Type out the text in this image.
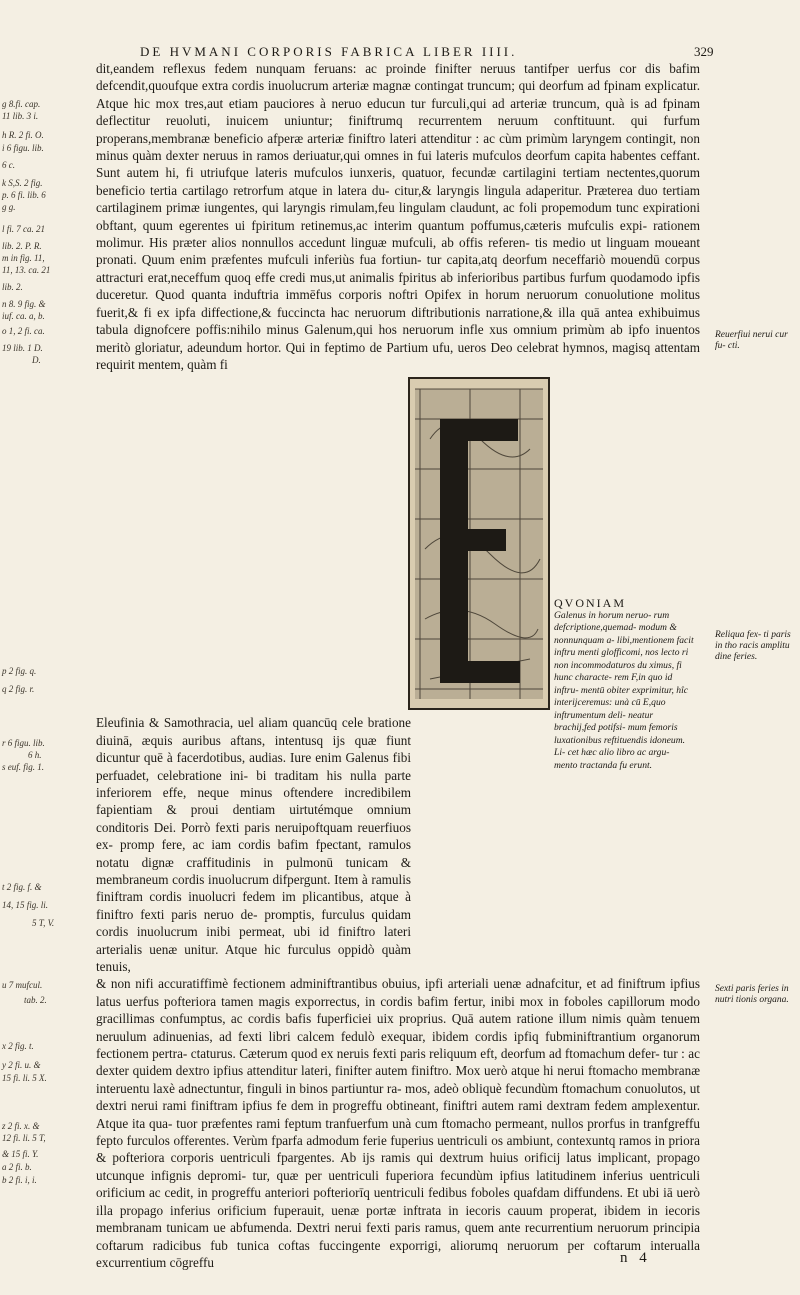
DE HVMANI CORPORIS FABRICA LIBER IIII.	329
g 8.fi. cap.
11 lib. 3 i.
h R. 2 fi. O.
i 6 figu. lib.
6 c.
k S,S. 2 fig.
p. 6 fi. lib. 6
g g.
l fi. 7 ca. 21
lib. 2. P. R.
m in fig. 11,
11, 13. ca. 21
lib. 2.
n 8. 9 fig. &
iuf. ca. a, b.
o 1, 2 fi. ca.
19 lib. 1 D.
D.
p 2 fig. q.
q 2 fig. r.
r 6 figu. lib.
6 h.
s euf. fig. 1.
t 2 fig. f. &
14, 15 fig. li.
5 T, V.
u 7 mufcul.
tab. 2.
x 2 fig. t.
y 2 fi. u. &
15 fi. li. 5 X.
z 2 fi. x. &
12 fi. li. 5 T,
& 15 fi. Y.
a 2 fi. b.
b 2 fi. i, i.
Reuerfiui nerui cur fu- cti.
Reliqua fex- ti paris in tho racis amplitu dine feries.
Sexti paris feries in nutri tionis organa.

dit,eandem reflexus fedem nunquam feruans: ac proinde finifter neruus tantifper uerfus cor dis bafim defcendit,quoufque extra cordis inuolucrum arteriæ magnæ contingat truncum; qui deorfum ad fpinam explicatur. Atque hic mox tres,aut etiam pauciores à neruo educun tur furculi,qui ad arteriæ truncum, quà is ad fpinam deflectitur reuoluti, inuicem uniuntur; finiftrumq recurrentem neruum conftituunt. qui furfum properans,membranæ beneficio afperæ arteriæ finiftro lateri attenditur : ac cùm primùm laryngem contingit, non minus quàm dexter neruus in ramos deriuatur,qui omnes in fui lateris mufculos deorfum capita habentes ceffant. Sunt autem hi, fi utriufque lateris mufculos iunxeris, quatuor, fecundæ cartilagini tertiam nectentes,quorum beneficio tertia cartilago retrorfum atque in latera du- citur,& laryngis lingula adaperitur. Præterea duo tertiam cartilaginem primæ iungentes, qui laryngis rimulam,feu lingulam claudunt, ac foli propemodum tunc expirationi obftant, quum egerentes ui fpiritum retinemus,ac interim quantum poffumus,cæteris mufculis expi- rationem molimur. His præter alios nonnullos accedunt linguæ mufculi, ab offis referen- tis medio ut linguam moueant pronati. Quum enim præfentes mufculi inferiùs fua fortiun- tur capita,atq deorfum neceffariò mouendū corpus attracturi erat,neceffum quoq effe credi mus,ut animalis fpiritus ab inferioribus partibus furfum quodamodo ipfis duceretur. Quod quanta induftria immēfus corporis noftri Opifex in horum neruorum conuolutione molitus fuerit,& fi ex ipfa diffectione,& fuccincta hac neruorum diftributionis narratione,& illa quā antea exhibuimus tabula dignofcere poffis:nihilo minus Galenum,qui hos neruorum infle xus omnium primùm ab ipfo inuentos meritò gloriatur, adeundum hortor. Qui in feptimo de Partium ufu, ueros Deo celebrat hymnos, magisq attentam requirit mentem, quàm fi

Eleufinia & Samothracia, uel aliam quancūq cele bratione diuinā, æquis auribus aftans, intentusq ijs quæ fiunt dicuntur quē à facerdotibus, audias. Iure enim Galenus fibi perfuadet, celebratione ini- bi traditam his nulla parte inferiorem effe, neque minus oftendere incredibilem fapientiam & proui dentiam uirtutémque omnium conditoris Dei. Porrò fexti paris neruipoftquam reuerfiuos ex- promp fere, ac iam cordis bafim fpectant, ramulos notatu dignæ craffitudinis in pulmonū tunicam & membraneum cordis inuolucrum difpergunt. Item à ramulis finiftram cordis inuolucri fedem im plicantibus, atque à finiftro fexti paris neruo de- promptis, furculus quidam cordis inuolucrum inibi permeat, ubi id finiftro lateri arterialis uenæ unitur. Atque hic furculus oppidò quàm tenuis,

& non nifi accuratiffimè fectionem adminiftrantibus obuius, ipfi arteriali uenæ adnafcitur, et ad finiftrum ipfius latus uerfus pofteriora tamen magis exporrectus, in cordis bafim fertur, inibi mox in foboles capillorum modo gracillimas confumptus, ac cordis bafis fuperficiei uix proprius. Quā autem ratione illum nimis quàm tenuem neruulum adinuenias, ad fexti libri calcem fedulò exequar, ibidem cordis ipfiq fubminiftrantium organorum fectionem pertra- ctaturus. Cæterum quod ex neruis fexti paris reliquum eft, deorfum ad ftomachum defer- tur : ac dexter quidem dextro ipfius attenditur lateri, finifter autem finiftro. Mox uerò atque hi nerui ftomacho membranæ interuentu laxè adnectuntur, finguli in binos partiuntur ra- mos, adeò obliquè fecundùm ftomachum conuolutos, ut dextri nerui rami finiftram ipfius fe dem in progreffu obtineant, finiftri autem rami dextram fedem amplexentur. Atque ita qua- tuor præfentes rami feptum tranfuerfum unà cum ftomacho permeant, nullos prorfus in tranfgreffu fepto furculos offerentes. Verùm fparfa admodum ferie fuperius uentriculi os ambiunt, contexuntq ramos in priora & pofteriora corporis uentriculi fpargentes. Ab ijs ramis qui dextrum huius orificij latus implicant, propago utcunque infignis depromi- tur, quæ per uentriculi fuperiora fecundùm ipfius latitudinem inferius uentriculi orificium ac cedit, in progreffu anteriori pofteriorīq uentriculi fedibus foboles quafdam diffundens. Et ubi iā uerò illa propago inferius orificium fuperauit, uenæ portæ inftrata in iecoris cauum properat, ibidem in iecoris membranam tunicam ue abfumenda. Dextri nerui fexti paris ramus, quem ante recurrentium neruorum principia coftarum radicibus fub tunica coftas fuccingente exporrigi, aliorumq neruorum per coftarum interualla excurrentium cōgreffu

QVONIAM
Galenus in horum neruo- rum defcriptione,quemad- modum & nonnunquam a- libi,mentionem facit inftru menti glofficomi, nos lecto ri non incommodaturos du ximus, fi hunc characte- rem F,in quo id inftru- mentū obiter exprimitur, hîc interijceremus: unà cū E,quo inftrumentum deli- neatur brachij,fed potifsi- mum femoris luxationibus reftituendis idoneum. Li- cet hæc alio libro ac argu- mento tractanda fu erunt.
n 4
